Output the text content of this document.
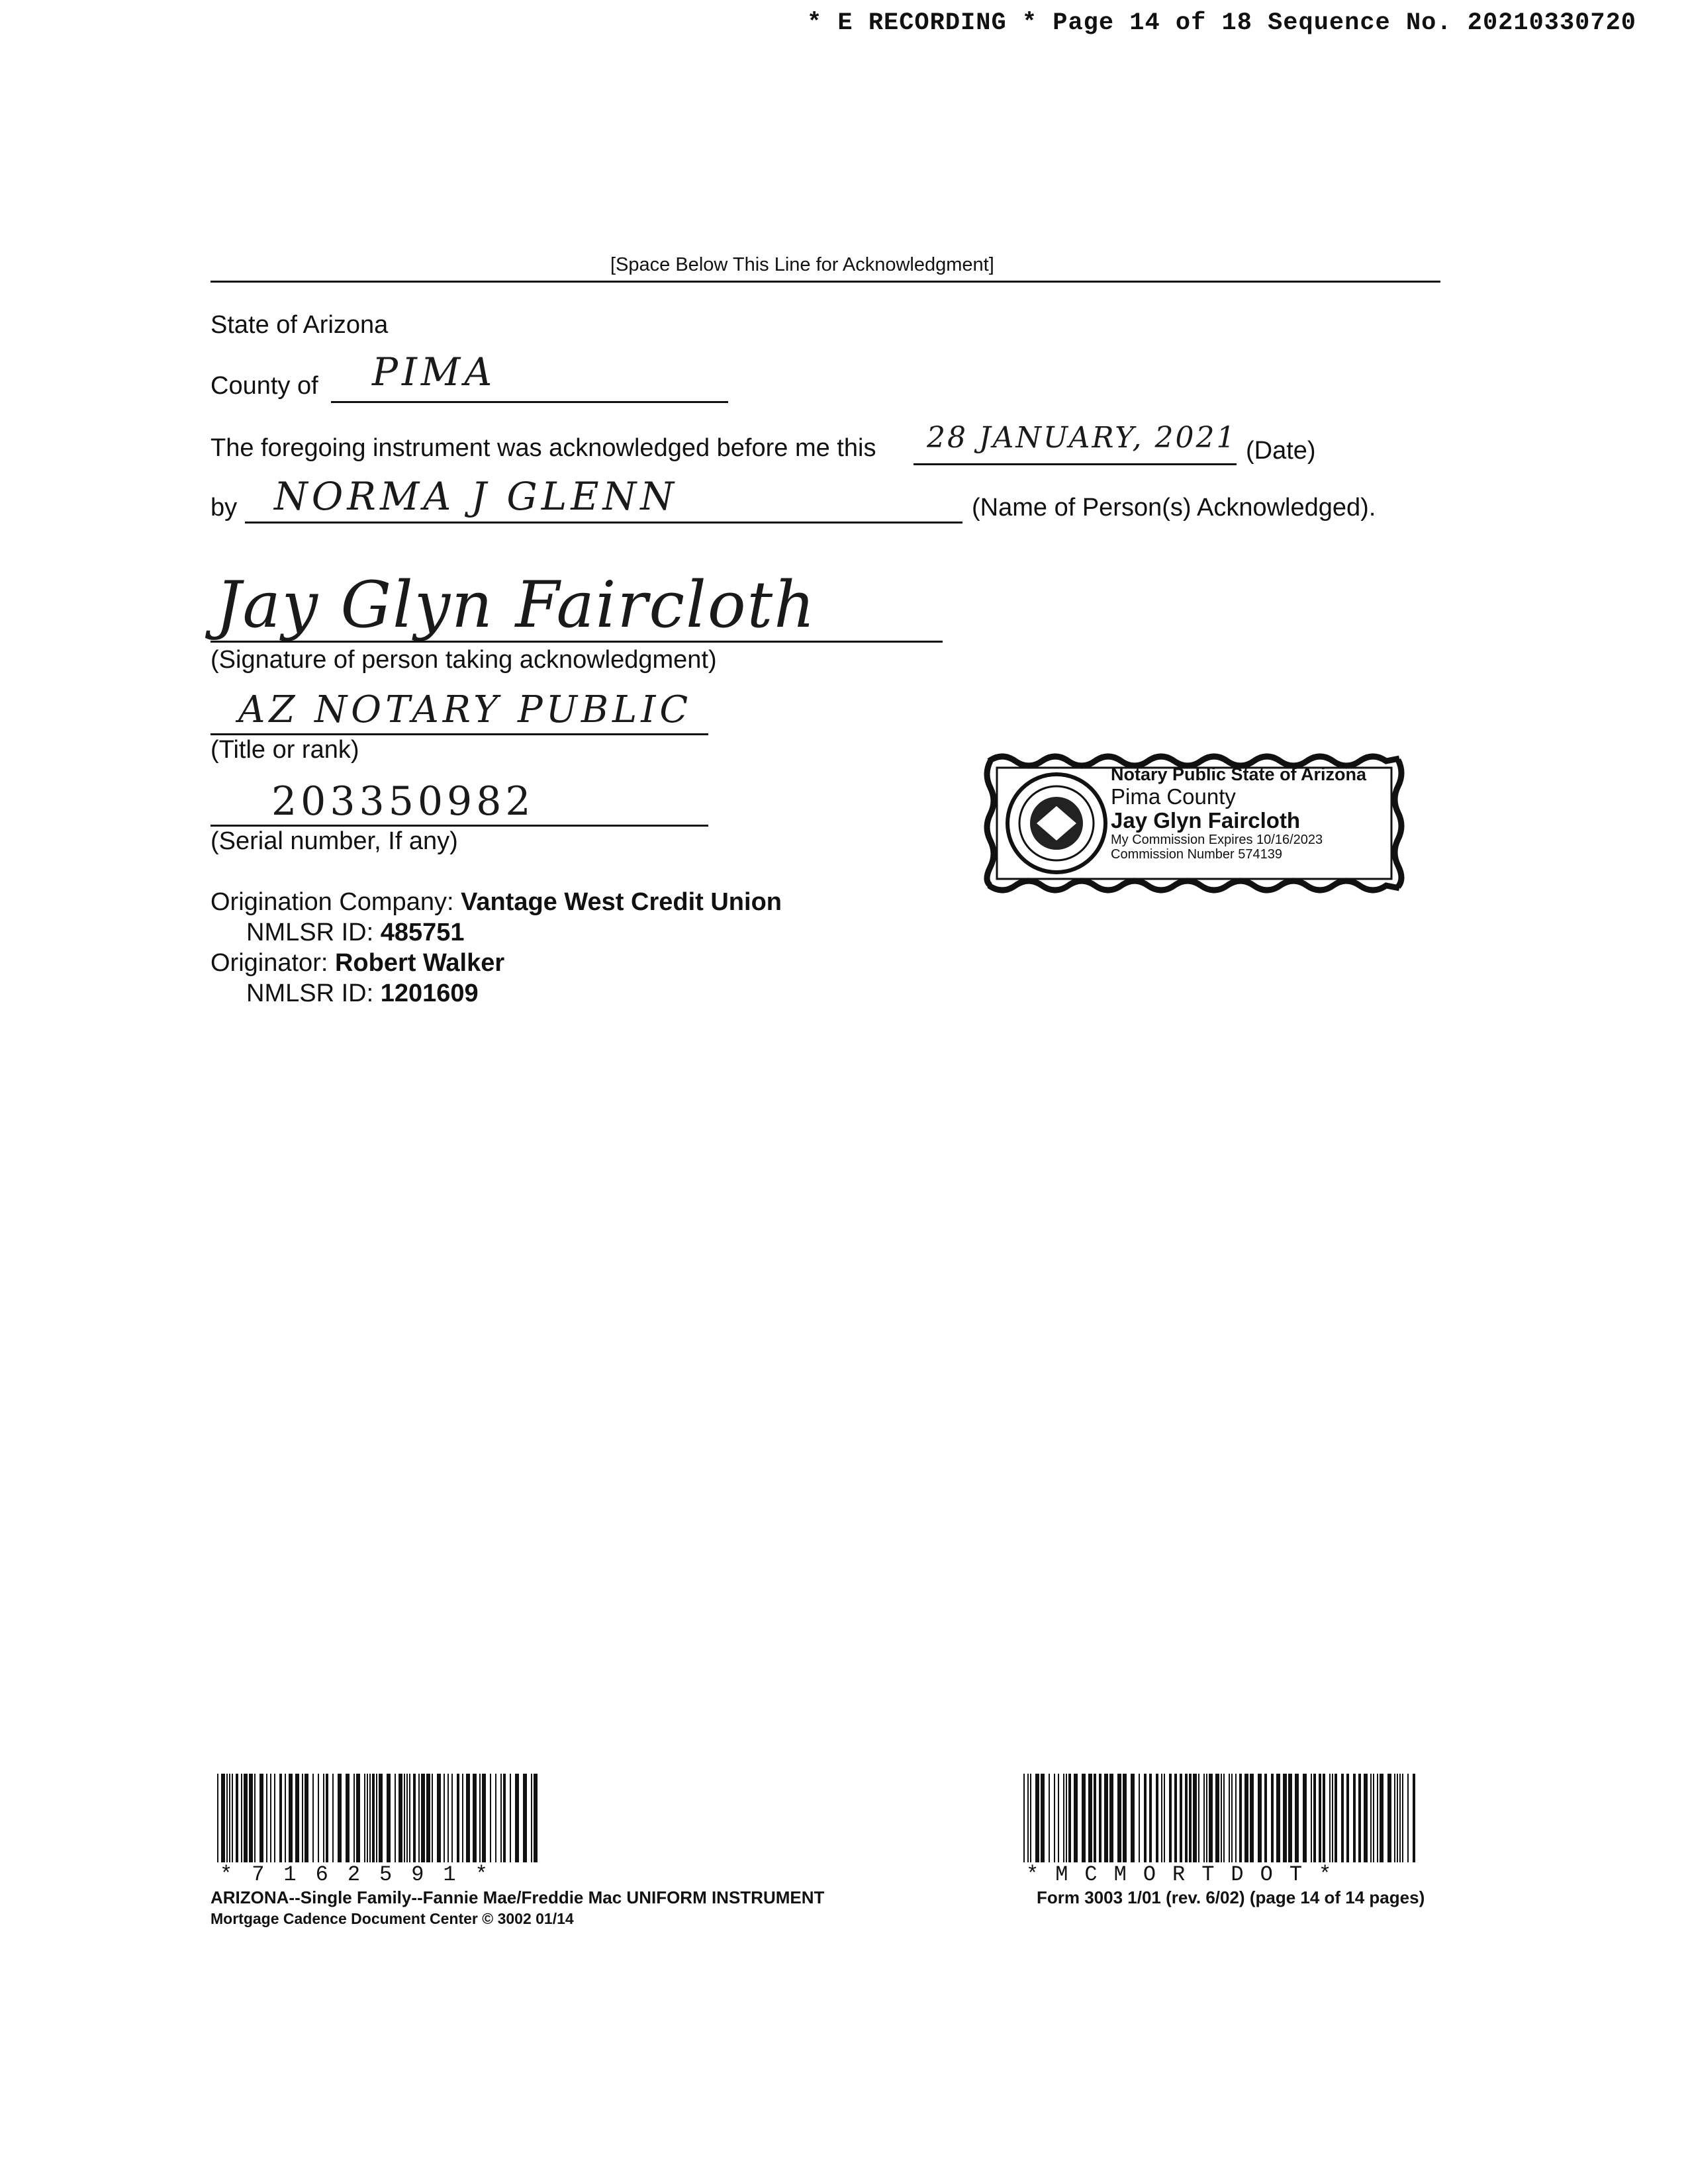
* E RECORDING * Page 14 of 18 Sequence No. 20210330720
[Space Below This Line for Acknowledgment]
State of Arizona
County of PIMA
The foregoing instrument was acknowledged before me this 28 JANUARY, 2021 (Date)
by NORMA J GLENN	(Name of Person(s) Acknowledged).
Jay Glyn Faircloth
(Signature of person taking acknowledgment)
AZ NOTARY PUBLIC
(Title or rank)
203350982
(Serial number, If any)
Notary Public State of Arizona
Pima County
Jay Glyn Faircloth
My Commission Expires 10/16/2023
Commission Number 574139
Origination Company: Vantage West Credit Union
NMLSR ID: 485751
Originator: Robert Walker
NMLSR ID: 1201609
*7162591*	*MCMORTDOT*
ARIZONA--Single Family--Fannie Mae/Freddie Mac UNIFORM INSTRUMENT
Mortgage Cadence Document Center © 3002 01/14
Form 3003 1/01 (rev. 6/02) (page 14 of 14 pages)
